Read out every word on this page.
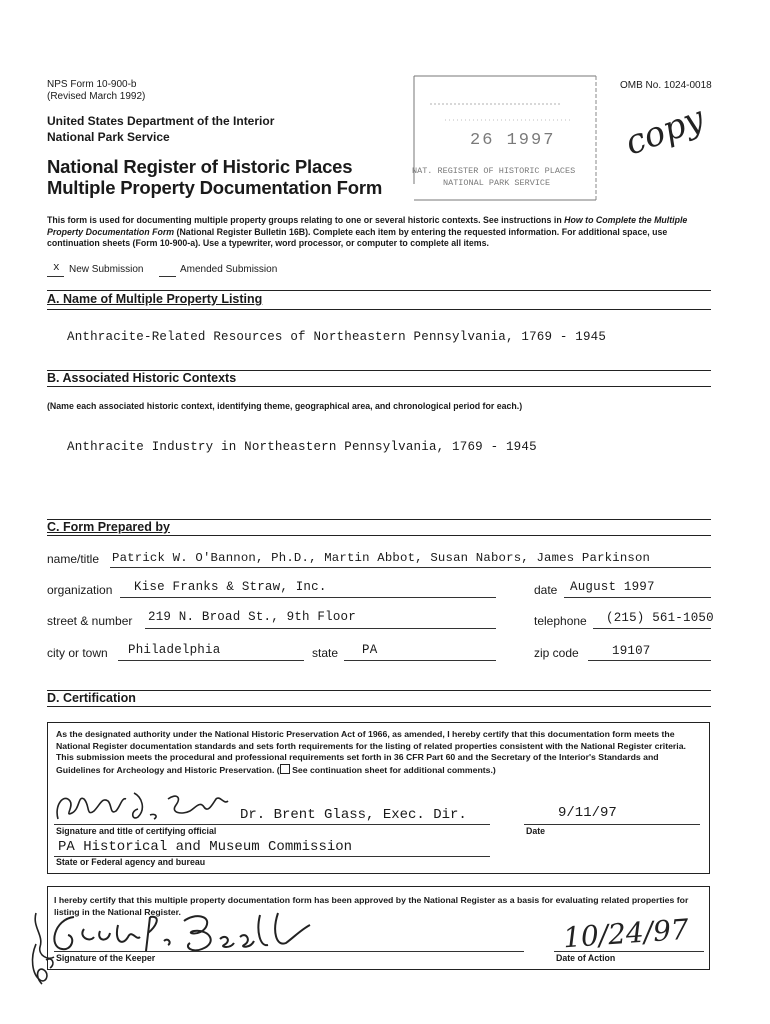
NPS Form 10-900-b
(Revised March 1992)
OMB No. 1024-0018
United States Department of the Interior
National Park Service
National Register of Historic Places
Multiple Property Documentation Form
26 1997
NAT. REGISTER OF HISTORIC PLACES
NATIONAL PARK SERVICE
copy
This form is used for documenting multiple property groups relating to one or several historic contexts. See instructions in How to Complete the Multiple Property Documentation Form (National Register Bulletin 16B). Complete each item by entering the requested information. For additional space, use continuation sheets (Form 10-900-a). Use a typewriter, word processor, or computer to complete all items.
x New Submission	Amended Submission
A. Name of Multiple Property Listing
Anthracite-Related Resources of Northeastern Pennsylvania, 1769 - 1945
B. Associated Historic Contexts
(Name each associated historic context, identifying theme, geographical area, and chronological period for each.)
Anthracite Industry in Northeastern Pennsylvania, 1769 - 1945
C. Form Prepared by
name/title Patrick W. O'Bannon, Ph.D., Martin Abbot, Susan Nabors, James Parkinson
organization Kise Franks & Straw, Inc.	date August 1997
street & number 219 N. Broad St., 9th Floor	telephone (215) 561-1050
city or town Philadelphia	state PA	zip code	19107
D. Certification
As the designated authority under the National Historic Preservation Act of 1966, as amended, I hereby certify that this documentation form meets the National Register documentation standards and sets forth requirements for the listing of related properties consistent with the National Register criteria. This submission meets the procedural and professional requirements set forth in 36 CFR Part 60 and the Secretary of the Interior's Standards and Guidelines for Archeology and Historic Preservation. ( See continuation sheet for additional comments.)
Dr. Brent Glass, Exec. Dir.	9/11/97
Signature and title of certifying official	Date
PA Historical and Museum Commission
State or Federal agency and bureau
I hereby certify that this multiple property documentation form has been approved by the National Register as a basis for evaluating related properties for listing in the National Register.
Signature of the Keeper
10/24/97
Date of Action
